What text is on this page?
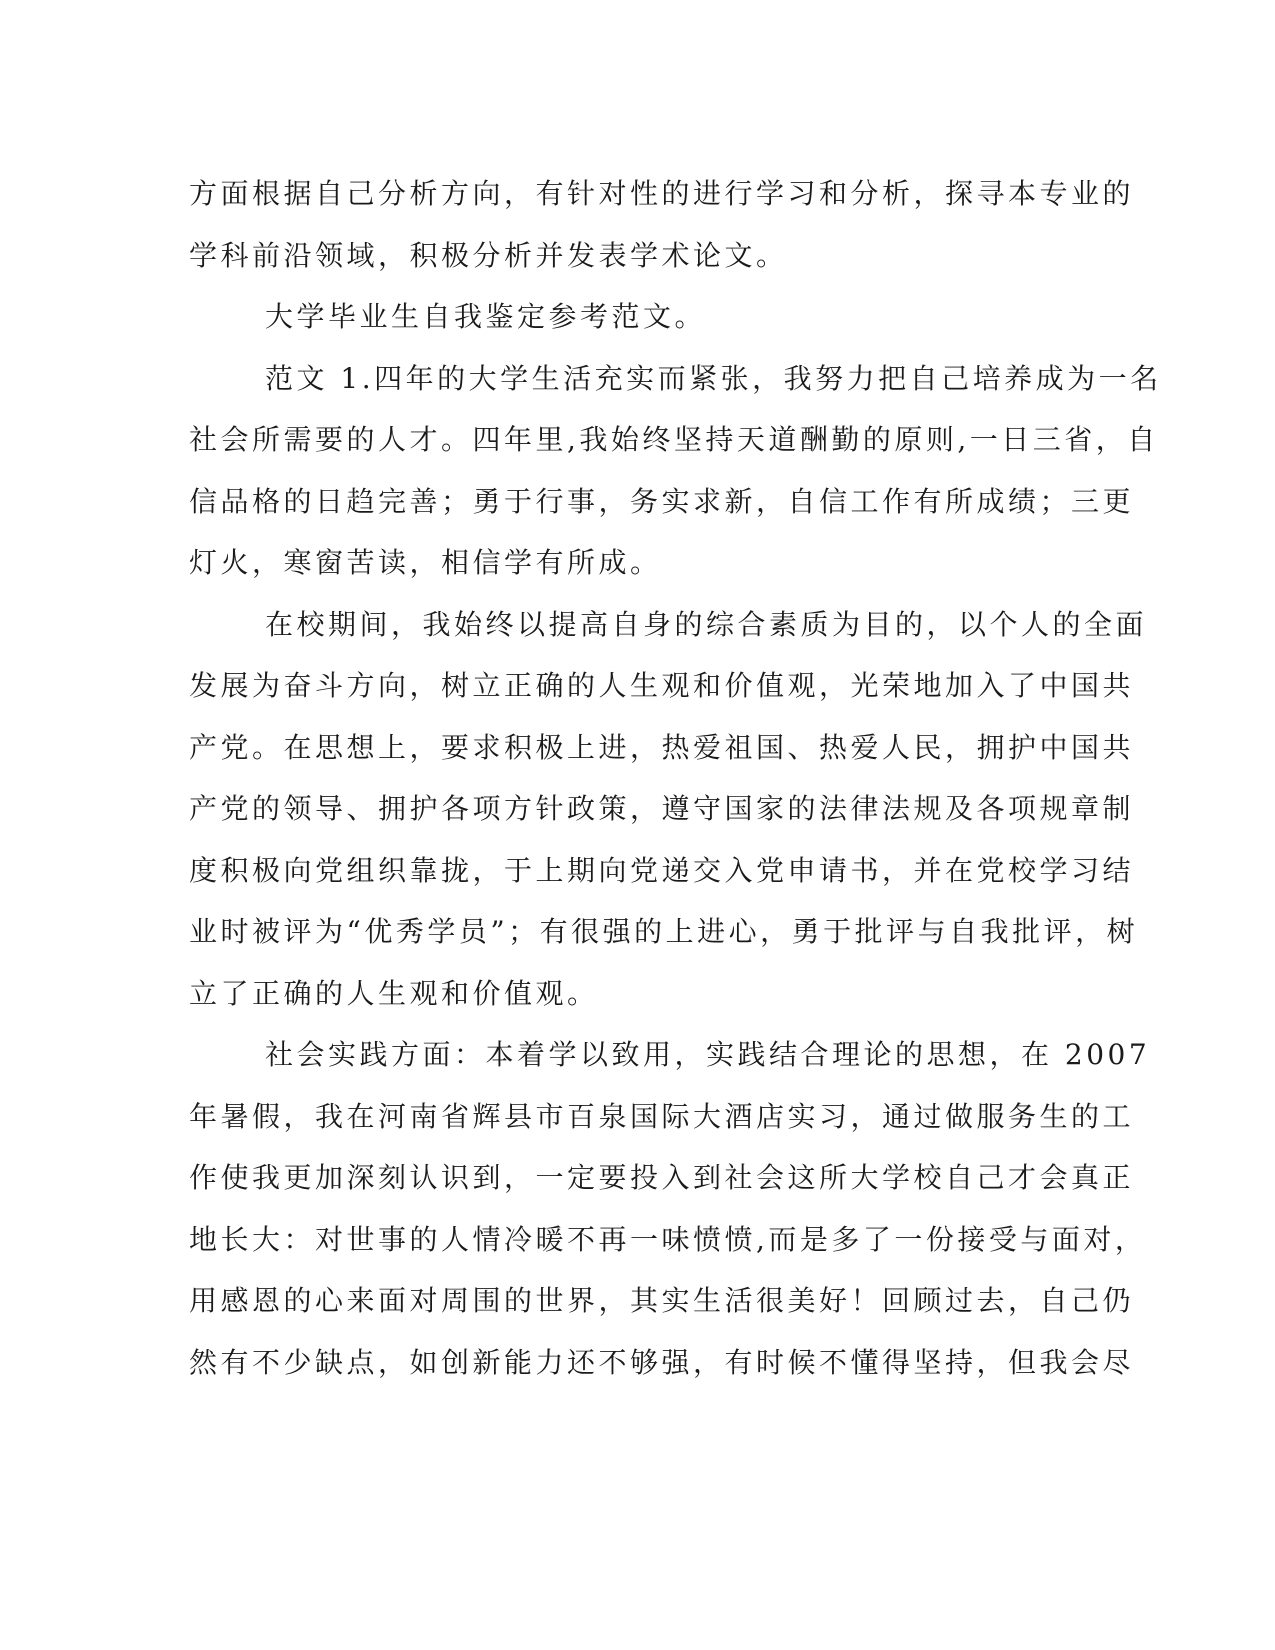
方面根据自己分析方向，有针对性的进行学习和分析，探寻本专业的
学科前沿领域，积极分析并发表学术论文。
大学毕业生自我鉴定参考范文。
范文 1.四年的大学生活充实而紧张，我努力把自己培养成为一名
社会所需要的人才。四年里,我始终坚持天道酬勤的原则,一日三省，自
信品格的日趋完善；勇于行事，务实求新，自信工作有所成绩；三更
灯火，寒窗苦读，相信学有所成。
在校期间，我始终以提高自身的综合素质为目的，以个人的全面
发展为奋斗方向，树立正确的人生观和价值观，光荣地加入了中国共
产党。在思想上，要求积极上进，热爱祖国、热爱人民，拥护中国共
产党的领导、拥护各项方针政策，遵守国家的法律法规及各项规章制
度积极向党组织靠拢，于上期向党递交入党申请书，并在党校学习结
业时被评为“优秀学员”；有很强的上进心，勇于批评与自我批评，树
立了正确的人生观和价值观。
社会实践方面：本着学以致用，实践结合理论的思想，在 2007
年暑假，我在河南省辉县市百泉国际大酒店实习，通过做服务生的工
作使我更加深刻认识到，一定要投入到社会这所大学校自己才会真正
地长大：对世事的人情冷暖不再一味愤愤,而是多了一份接受与面对，
用感恩的心来面对周围的世界，其实生活很美好！回顾过去，自己仍
然有不少缺点，如创新能力还不够强，有时候不懂得坚持，但我会尽
